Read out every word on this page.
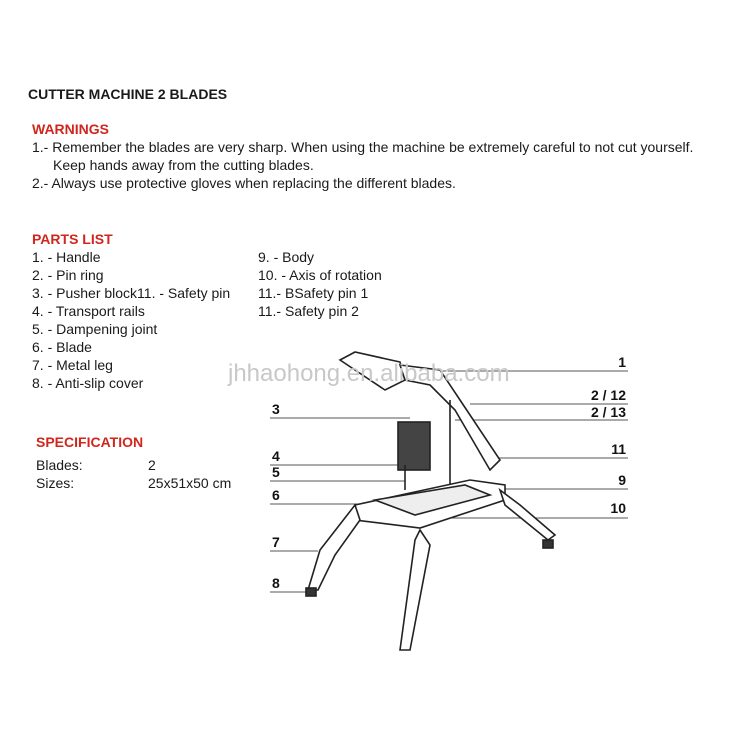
CUTTER MACHINE 2 BLADES
WARNINGS
1.- Remember the blades are very sharp. When using the machine be extremely careful to not cut yourself.
Keep hands away from the cutting blades.
2.- Always use protective gloves when replacing the different blades.
PARTS LIST
1. - Handle
2. - Pin ring
3. - Pusher block11. - Safety pin
4. - Transport rails
5. - Dampening joint
6. - Blade
7. - Metal leg
8. - Anti-slip cover
9. - Body
10. - Axis of rotation
11.- BSafety pin 1
11.- Safety pin 2
SPECIFICATION
Blades:	2
Sizes:	25x51x50 cm
3
4
5
6
7
8
1
2 / 12
2 / 13
11
9
10
jhhaohong.en.alibaba.com
